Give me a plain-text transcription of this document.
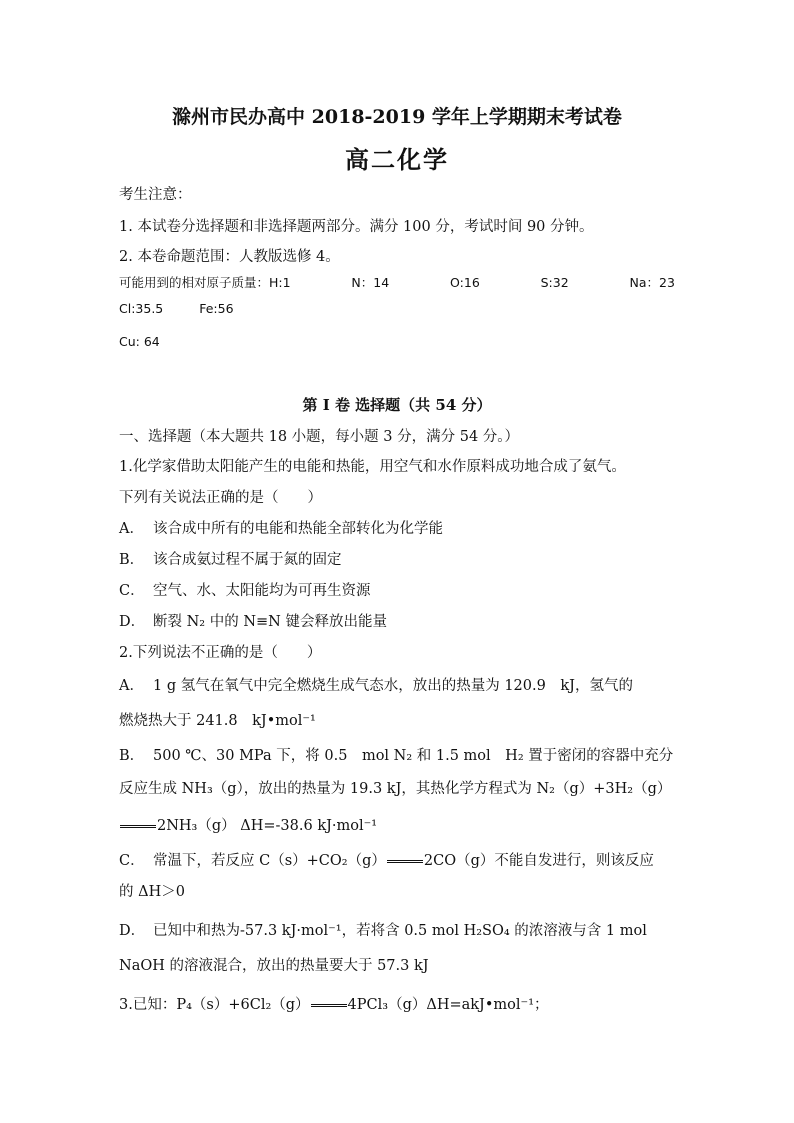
滁州市民办高中 2018-2019 学年上学期期末考试卷
高二化学
考生注意：
1. 本试卷分选择题和非选择题两部分。满分 100 分，考试时间 90 分钟。
2. 本卷命题范围：人教版选修 4。
可能用到的相对原子质量：H:1	N：14	O:16	S:32	Na：23
Cl:35.5	Fe:56
Cu: 64
第 I 卷 选择题（共 54 分）
一、选择题（本大题共 18 小题，每小题 3 分，满分 54 分。）
1.化学家借助太阳能产生的电能和热能，用空气和水作原料成功地合成了氨气。
下列有关说法正确的是（　　）
A． 该合成中所有的电能和热能全部转化为化学能
B． 该合成氨过程不属于氮的固定
C． 空气、水、太阳能均为可再生资源
D． 断裂 N₂ 中的 N≡N 键会释放出能量
2.下列说法不正确的是（　　）
A． 1 g 氢气在氧气中完全燃烧生成气态水，放出的热量为 120.9　kJ，氢气的
燃烧热大于 241.8　kJ•mol⁻¹
B． 500 ℃、30 MPa 下，将 0.5　mol N₂ 和 1.5 mol　H₂ 置于密闭的容器中充分
反应生成 NH₃（g），放出的热量为 19.3 kJ，其热化学方程式为 N₂（g）+3H₂（g）
2NH₃（g） ΔH=-38.6 kJ·mol⁻¹
C． 常温下，若反应 C（s）+CO₂（g）	2CO（g）不能自发进行，则该反应
的 ΔH＞0
D． 已知中和热为-57.3 kJ·mol⁻¹，若将含 0.5 mol H₂SO₄ 的浓溶液与含 1 mol
NaOH 的溶液混合，放出的热量要大于 57.3 kJ
3.已知：P₄（s）+6Cl₂（g）	4PCl₃（g）ΔH=akJ•mol⁻¹；
